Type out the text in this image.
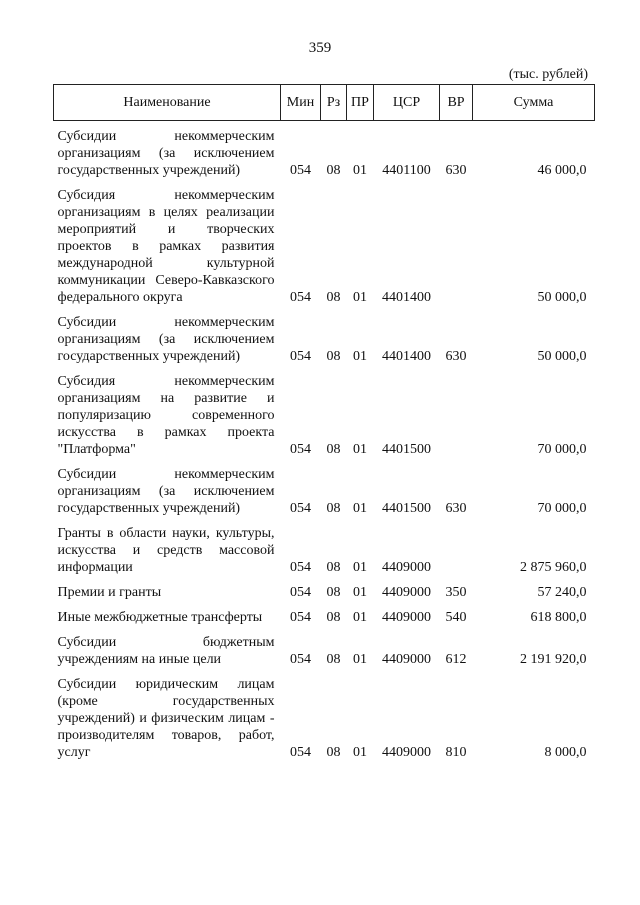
359
(тыс. рублей)
Наименование	Мин	Рз	ПР	ЦСР	ВР	Сумма
Субсидии некоммерческим организациям (за исключением государственных учреждений)	054	08	01	4401100	630	46 000,0
Субсидия некоммерческим организациям в целях реализации мероприятий и творческих проектов в рамках развития международной культурной коммуникации Северо-Кавказского федерального округа	054	08	01	4401400		50 000,0
Субсидии некоммерческим организациям (за исключением государственных учреждений)	054	08	01	4401400	630	50 000,0
Субсидия некоммерческим организациям на развитие и популяризацию современного искусства в рамках проекта "Платформа"	054	08	01	4401500		70 000,0
Субсидии некоммерческим организациям (за исключением государственных учреждений)	054	08	01	4401500	630	70 000,0
Гранты в области науки, культуры, искусства и средств массовой информации	054	08	01	4409000		2 875 960,0
Премии и гранты	054	08	01	4409000	350	57 240,0
Иные межбюджетные трансферты	054	08	01	4409000	540	618 800,0
Субсидии бюджетным учреждениям на иные цели	054	08	01	4409000	612	2 191 920,0
Субсидии юридическим лицам (кроме государственных учреждений) и физическим лицам - производителям товаров, работ, услуг	054	08	01	4409000	810	8 000,0
